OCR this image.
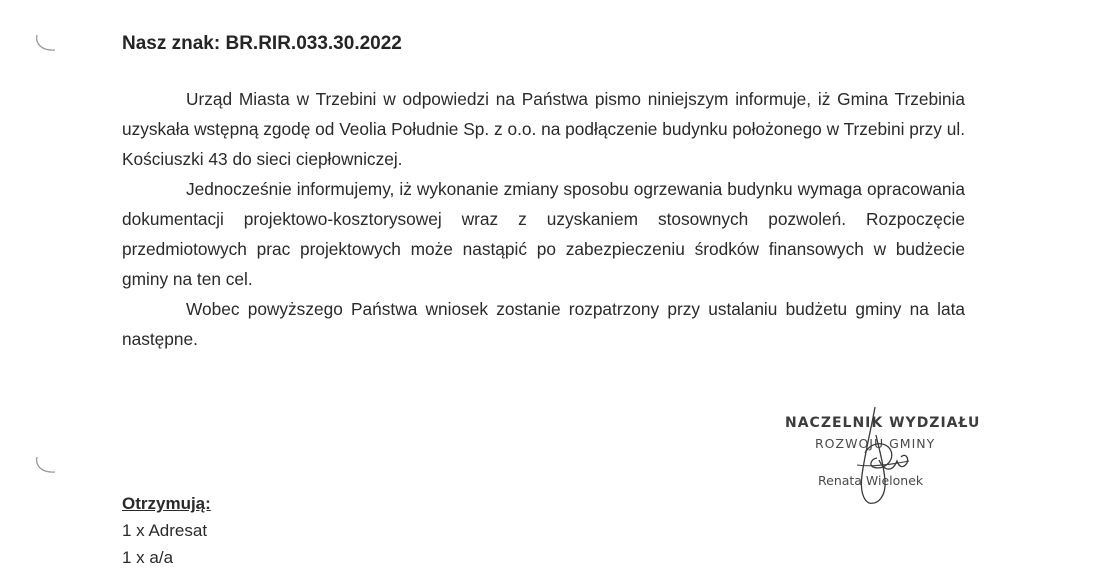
Nasz znak: BR.RIR.033.30.2022

Urząd Miasta w Trzebini w odpowiedzi na Państwa pismo niniejszym informuje, iż Gmina Trzebinia uzyskała wstępną zgodę od Veolia Południe Sp. z o.o. na podłączenie budynku położonego w Trzebini przy ul. Kościuszki 43 do sieci ciepłowniczej.

Jednocześnie informujemy, iż wykonanie zmiany sposobu ogrzewania budynku wymaga opracowania dokumentacji projektowo-kosztorysowej wraz z uzyskaniem stosownych pozwoleń. Rozpoczęcie przedmiotowych prac projektowych może nastąpić po zabezpieczeniu środków finansowych w budżecie gminy na ten cel.

Wobec powyższego Państwa wniosek zostanie rozpatrzony przy ustalaniu budżetu gminy na lata następne.

NACZELNIK WYDZIAŁU
ROZWOJU GMINY
Renata Wielonek
Otrzymują:
1 x Adresat
1 x a/a
